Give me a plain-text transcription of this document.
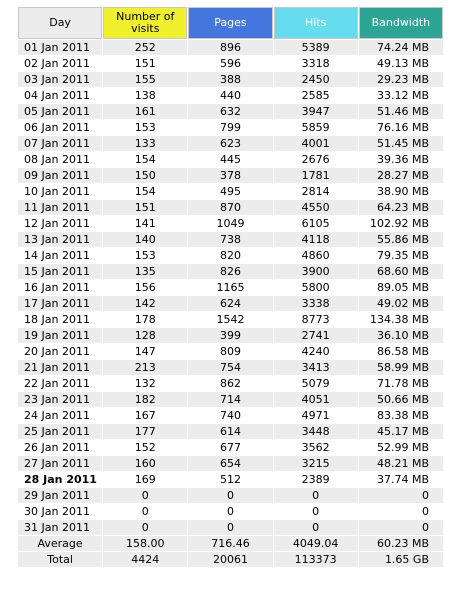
Day	Number of visits	Pages	Hits	Bandwidth
01 Jan 2011	252	896	5389	74.24 MB
02 Jan 2011	151	596	3318	49.13 MB
03 Jan 2011	155	388	2450	29.23 MB
04 Jan 2011	138	440	2585	33.12 MB
05 Jan 2011	161	632	3947	51.46 MB
06 Jan 2011	153	799	5859	76.16 MB
07 Jan 2011	133	623	4001	51.45 MB
08 Jan 2011	154	445	2676	39.36 MB
09 Jan 2011	150	378	1781	28.27 MB
10 Jan 2011	154	495	2814	38.90 MB
11 Jan 2011	151	870	4550	64.23 MB
12 Jan 2011	141	1049	6105	102.92 MB
13 Jan 2011	140	738	4118	55.86 MB
14 Jan 2011	153	820	4860	79.35 MB
15 Jan 2011	135	826	3900	68.60 MB
16 Jan 2011	156	1165	5800	89.05 MB
17 Jan 2011	142	624	3338	49.02 MB
18 Jan 2011	178	1542	8773	134.38 MB
19 Jan 2011	128	399	2741	36.10 MB
20 Jan 2011	147	809	4240	86.58 MB
21 Jan 2011	213	754	3413	58.99 MB
22 Jan 2011	132	862	5079	71.78 MB
23 Jan 2011	182	714	4051	50.66 MB
24 Jan 2011	167	740	4971	83.38 MB
25 Jan 2011	177	614	3448	45.17 MB
26 Jan 2011	152	677	3562	52.99 MB
27 Jan 2011	160	654	3215	48.21 MB
28 Jan 2011	169	512	2389	37.74 MB
29 Jan 2011	0	0	0	0
30 Jan 2011	0	0	0	0
31 Jan 2011	0	0	0	0
Average	158.00	716.46	4049.04	60.23 MB
Total	4424	20061	113373	1.65 GB
